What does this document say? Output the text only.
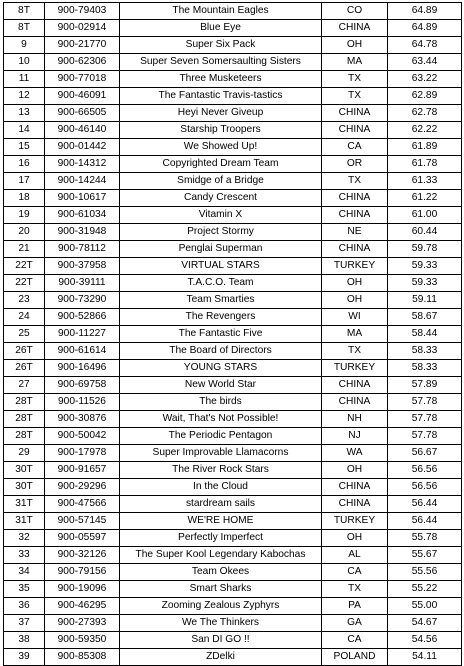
8T	900-79403	The Mountain Eagles	CO	64.89
8T	900-02914	Blue Eye	CHINA	64.89
9	900-21770	Super Six Pack	OH	64.78
10	900-62306	Super Seven Somersaulting Sisters	MA	63.44
11	900-77018	Three Musketeers	TX	63.22
12	900-46091	The Fantastic Travis-tastics	TX	62.89
13	900-66505	Heyi Never Giveup	CHINA	62.78
14	900-46140	Starship Troopers	CHINA	62.22
15	900-01442	We Showed Up!	CA	61.89
16	900-14312	Copyrighted Dream Team	OR	61.78
17	900-14244	Smidge of a Bridge	TX	61.33
18	900-10617	Candy Crescent	CHINA	61.22
19	900-61034	Vitamin X	CHINA	61.00
20	900-31948	Project Stormy	NE	60.44
21	900-78112	Penglai Superman	CHINA	59.78
22T	900-37958	VIRTUAL STARS	TURKEY	59.33
22T	900-39111	T.A.C.O. Team	OH	59.33
23	900-73290	Team Smarties	OH	59.11
24	900-52866	The Revengers	WI	58.67
25	900-11227	The Fantastic Five	MA	58.44
26T	900-61614	The Board of Directors	TX	58.33
26T	900-16496	YOUNG STARS	TURKEY	58.33
27	900-69758	New World Star	CHINA	57.89
28T	900-11526	The birds	CHINA	57.78
28T	900-30876	Wait, That's Not Possible!	NH	57.78
28T	900-50042	The Periodic Pentagon	NJ	57.78
29	900-17978	Super Improvable Llamacorns	WA	56.67
30T	900-91657	The River Rock Stars	OH	56.56
30T	900-29296	In the Cloud	CHINA	56.56
31T	900-47566	stardream sails	CHINA	56.44
31T	900-57145	WE'RE HOME	TURKEY	56.44
32	900-05597	Perfectly Imperfect	OH	55.78
33	900-32126	The Super Kool Legendary Kabochas	AL	55.67
34	900-79156	Team Okees	CA	55.56
35	900-19096	Smart Sharks	TX	55.22
36	900-46295	Zooming Zealous Zyphyrs	PA	55.00
37	900-27393	We The Thinkers	GA	54.67
38	900-59350	San DI GO !!	CA	54.56
39	900-85308	ZDelki	POLAND	54.11
